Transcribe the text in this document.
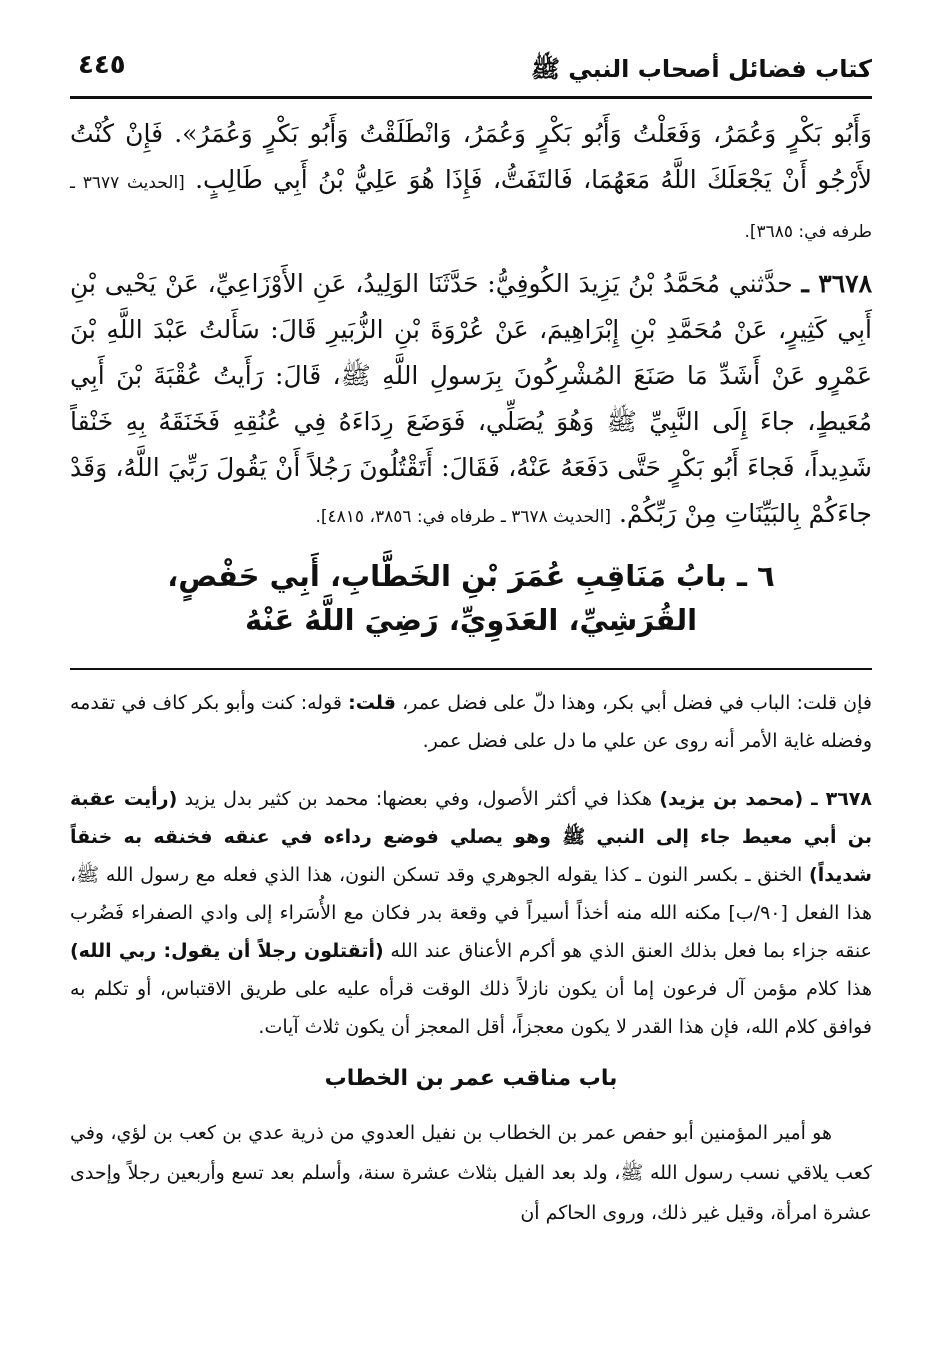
كتاب فضائل أصحاب النبي ﷺ
٤٤٥

وَأَبُو بَكْرٍ وَعُمَرُ، وَفَعَلْتُ وَأَبُو بَكْرٍ وَعُمَرُ، وَانْطَلَقْتُ وَأَبُو بَكْرٍ وَعُمَرُ». فَإِنْ كُنْتُ لأَرْجُو أَنْ يَجْعَلَكَ اللَّهُ مَعَهُمَا، فَالتَفَتُّ، فَإِذَا هُوَ عَلِيُّ بْنُ أَبِي طَالِبٍ. [الحديث ٣٦٧٧ ـ طرفه في: ٣٦٨٥].

٣٦٧٨ ـ حدَّثني مُحَمَّدُ بْنُ يَزِيدَ الكُوفِيُّ: حَدَّثَنَا الوَلِيدُ، عَنِ الأَوْزَاعِيِّ، عَنْ يَحْيى بْنِ أَبِي كَثِيرٍ، عَنْ مُحَمَّدِ بْنِ إِبْرَاهِيمَ، عَنْ عُرْوَةَ بْنِ الزُّبَيرِ قَالَ: سَأَلتُ عَبْدَ اللَّهِ بْنَ عَمْرٍو عَنْ أَشَدِّ مَا صَنَعَ المُشْرِكُونَ بِرَسولِ اللَّهِ ﷺ، قَالَ: رَأَيتُ عُقْبَةَ بْنَ أَبِي مُعَيطٍ، جاءَ إِلَى النَّبِيِّ ﷺ وَهُوَ يُصَلِّي، فَوَضَعَ رِدَاءَهُ فِي عُنُقِهِ فَخَنَقَهُ بِهِ خَنْقاً شَدِيداً، فَجاءَ أَبُو بَكْرٍ حَتَّى دَفَعَهُ عَنْهُ، فَقَالَ: أَتَقْتُلُونَ رَجُلاً أَنْ يَقُولَ رَبِّيَ اللَّهُ، وَقَدْ جاءَكُمْ بِالبَيِّنَاتِ مِنْ رَبِّكُمْ. [الحديث ٣٦٧٨ ـ طرفاه في: ٣٨٥٦، ٤٨١٥].

٦ ـ بابُ مَنَاقِبِ عُمَرَ بْنِ الخَطَّابِ، أَبِي حَفْصٍ،
القُرَشِيِّ، العَدَوِيِّ، رَضِيَ اللَّهُ عَنْهُ

فإن قلت: الباب في فضل أبي بكر، وهذا دلّ على فضل عمر، قلت: قوله: كنت وأبو بكر كاف في تقدمه وفضله غاية الأمر أنه روى عن علي ما دل على فضل عمر.

٣٦٧٨ ـ (محمد بن يزيد) هكذا في أكثر الأصول، وفي بعضها: محمد بن كثير بدل يزيد (رأيت عقبة بن أبي معيط جاء إلى النبي ﷺ وهو يصلي فوضع رداءه في عنقه فخنقه به خنقاً شديداً) الخنق ـ بكسر النون ـ كذا يقوله الجوهري وقد تسكن النون، هذا الذي فعله مع رسول الله ﷺ، هذا الفعل [٩٠/ب] مكنه الله منه أخذاً أسيراً في وقعة بدر فكان مع الأُسَراء إلى وادي الصفراء فَضُرب عنقه جزاء بما فعل بذلك العنق الذي هو أكرم الأعناق عند الله (أتقتلون رجلاً أن يقول: ربي الله) هذا كلام مؤمن آل فرعون إما أن يكون نازلاً ذلك الوقت قرأه عليه على طريق الاقتباس، أو تكلم به فوافق كلام الله، فإن هذا القدر لا يكون معجزاً، أقل المعجز أن يكون ثلاث آيات.

باب مناقب عمر بن الخطاب

هو أمير المؤمنين أبو حفص عمر بن الخطاب بن نفيل العدوي من ذرية عدي بن كعب بن لؤي، وفي كعب يلاقي نسب رسول الله ﷺ، ولد بعد الفيل بثلاث عشرة سنة، وأسلم بعد تسع وأربعين رجلاً وإحدى عشرة امرأة، وقيل غير ذلك، وروى الحاكم أن
